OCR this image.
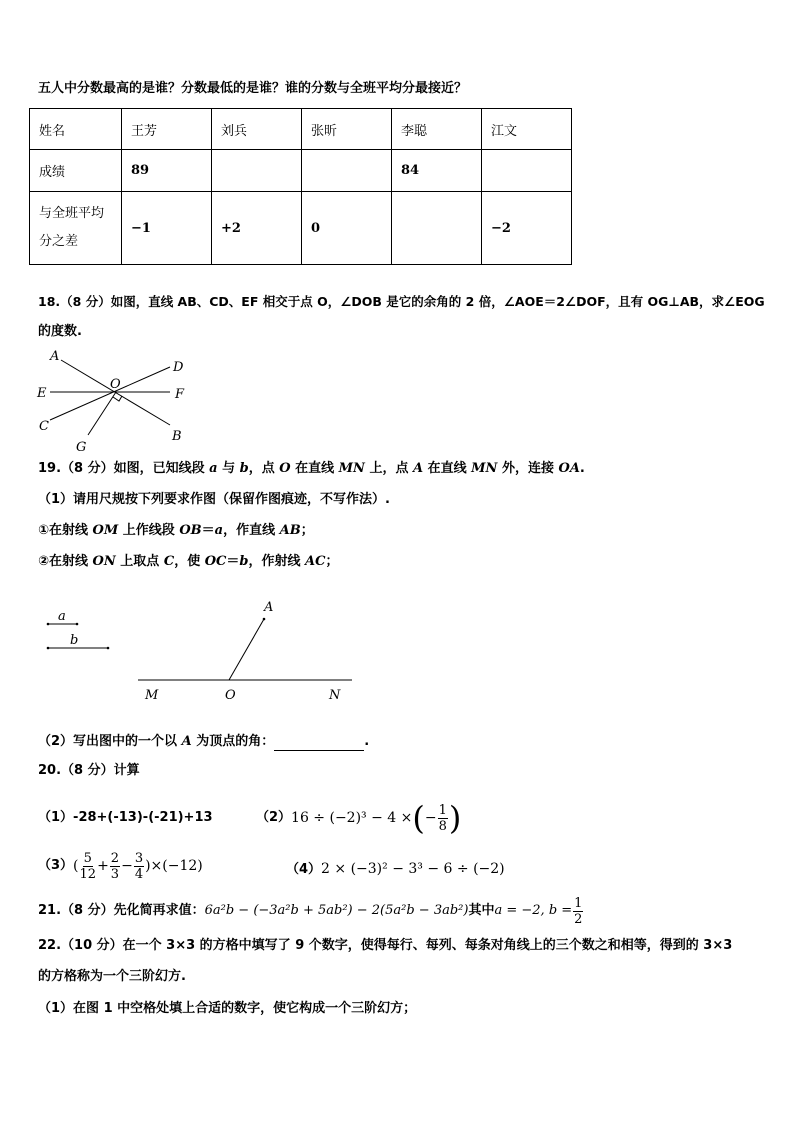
五人中分数最高的是谁？分数最低的是谁？谁的分数与全班平均分最接近？
姓名	王芳	刘兵	张昕	李聪	江文
成绩	89			84	
与全班平均分之差	−1	+2	0		−2
18.（8 分）如图，直线 AB、CD、EF 相交于点 O，∠DOB 是它的余角的 2 倍，∠AOE＝2∠DOF，且有 OG⊥AB，求∠EOG
的度数.
A
D
O
E	F
C
B
G
19.（8 分）如图，已知线段 a 与 b，点 O 在直线 MN 上，点 A 在直线 MN 外，连接 OA.
（1）请用尺规按下列要求作图（保留作图痕迹，不写作法）.
①在射线 OM 上作线段 OB＝a，作直线 AB；
②在射线 ON 上取点 C，使 OC＝b，作射线 AC；
a
b
A
M	O	N
（2）写出图中的一个以 A 为顶点的角：	.
20.（8 分）计算
（1）-28+(-13)-(-21)+13	（2） 16 ÷ (−2)³ − 4 × ( − $\frac{1}{8}$ )
（3） ( $\frac{5}{12} + \frac{2}{3} - \frac{3}{4} )\times(-12)$	（4）2 × (−3)² − 3³ − 6 ÷ (−2)
21.（8 分）先化简再求值： 6a²b − (−3a²b + 5ab²) − 2(5a²b − 3ab²) 其中 a = −2, $b = \frac{1}{2}$
22.（10 分）在一个 3×3 的方格中填写了 9 个数字，使得每行、每列、每条对角线上的三个数之和相等，得到的 3×3
的方格称为一个三阶幻方.
（1）在图 1 中空格处填上合适的数字，使它构成一个三阶幻方；
